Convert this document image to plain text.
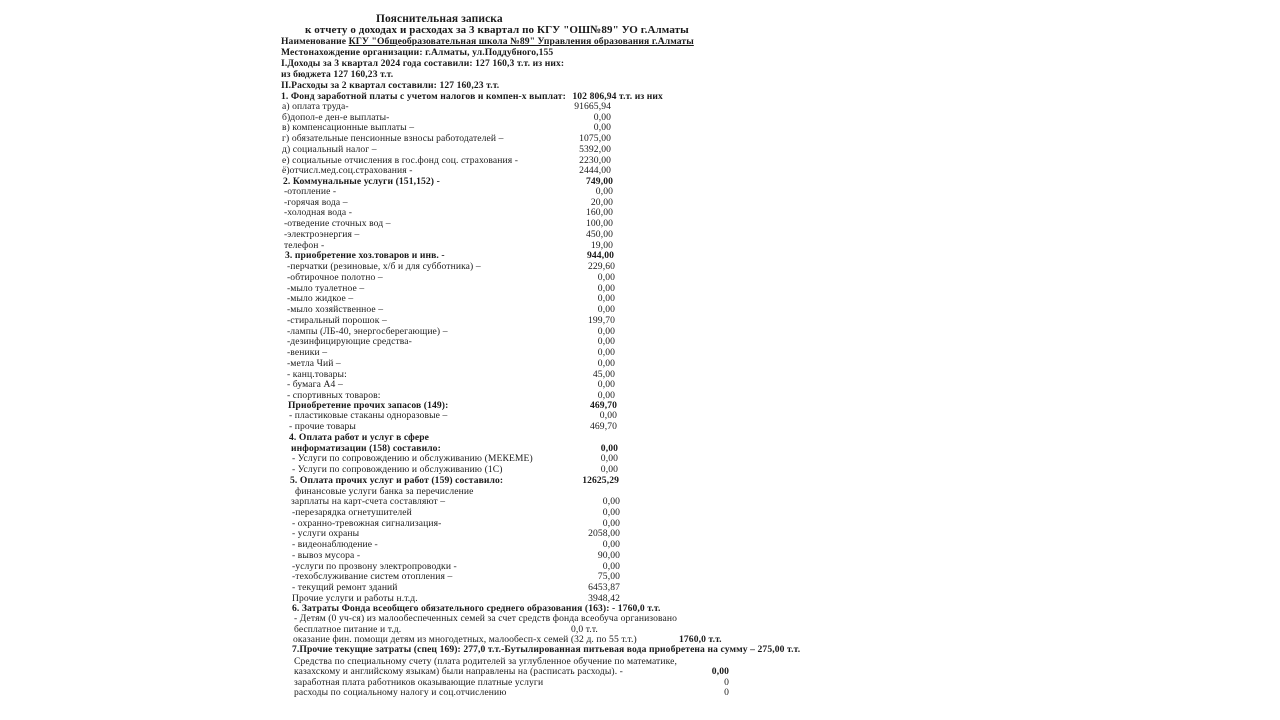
Пояснительная записка
к отчету о доходах и расходах за 3 квартал по КГУ "ОШ№89" УО г.Алматы
Наименование КГУ "Общеобразовательная школа №89" Управления образования г.Алматы
Местонахождение организации: г.Алматы, ул.Поддубного,155
I.Доходы за 3 квартал 2024 года составили: 127 160,3 т.т. из них:
из бюджета 127 160,23 т.т.
II.Расходы за 2 квартал составили: 127 160,23 т.т.
1. Фонд заработной платы с учетом налогов и компен-х выплат: 102 806,94 т.т. из них
а) оплата труда-	91665,94
б)допол-е ден-е выплаты-	0,00
в) компенсационные выплаты –	0,00
г) обязательные пенсионные взносы работодателей –	1075,00
д) социальный налог –	5392,00
е) социальные отчисления в гос.фонд соц. страхования -	2230,00
ё)отчисл.мед.соц.страхования -	2444,00
2. Коммунальные услуги (151,152) -	749,00
-отопление -	0,00
-горячая вода –	20,00
-холодная вода -	160,00
-отведение сточных вод –	100,00
-электроэнергия –	450,00
телефон -	19,00
3. приобретение хоз.товаров и инв. -	944,00
-перчатки (резиновые, х/б и для субботника) –	229,60
-обтирочное полотно –	0,00
-мыло туалетное –	0,00
-мыло жидкое –	0,00
-мыло хозяйственное –	0,00
-стиральный порошок –	199,70
-лампы (ЛБ-40, энергосберегающие) –	0,00
-дезинфицирующие средства-	0,00
-веники –	0,00
-метла Чий –	0,00
- канц.товары:	45,00
- бумага А4 –	0,00
- спортивных товаров:	0,00
Приобретение прочих запасов (149):	469,70
- пластиковые стаканы одноразовые –	0,00
- прочие товары	469,70
4. Оплата работ и услуг в сфере
информатизации (158) составило:	0,00
- Услуги по сопровождению и обслуживанию (МЕКЕМЕ)	0,00
- Услуги по сопровождению и обслуживанию (1С)	0,00
5. Оплата прочих услуг и работ (159) составило:	12625,29
финансовые услуги банка за перечисление
зарплаты на карт-счета составляют –	0,00
-перезарядка огнетушителей	0,00
- охранно-тревожная сигнализация-	0,00
- услуги охраны	2058,00
- видеонаблюдение -	0,00
- вывоз мусора -	90,00
-услуги по прозвону электропроводки -	0,00
-техобслуживание систем отопления –	75,00
- текущий ремонт зданий	6453,87
Прочие услуги и работы н.т.д.	3948,42
6. Затраты Фонда всеобщего обязательного среднего образования (163): - 1760,0 т.т.
- Детям (0 уч-ся) из малообеспеченных семей за счет средств фонда всеобуча организовано
бесплатное питание и т.д.	0,0 т.т.
оказание фин. помощи детям из многодетных, малообесп-х семей (32 д. по 55 т.т.)	1760,0 т.т.
7.Прочие текущие затраты (спец 169): 277,0 т.т.-Бутылированная питьевая вода приобретена на сумму – 275,00 т.т.
Средства по специальному счету (плата родителей за углубленное обучение по математике,
казахскому и английскому языкам) были направлены на (расписать расходы). -	0,00
заработная плата работников оказывающие платные услуги	0
расходы по социальному налогу и соц.отчислению	0
